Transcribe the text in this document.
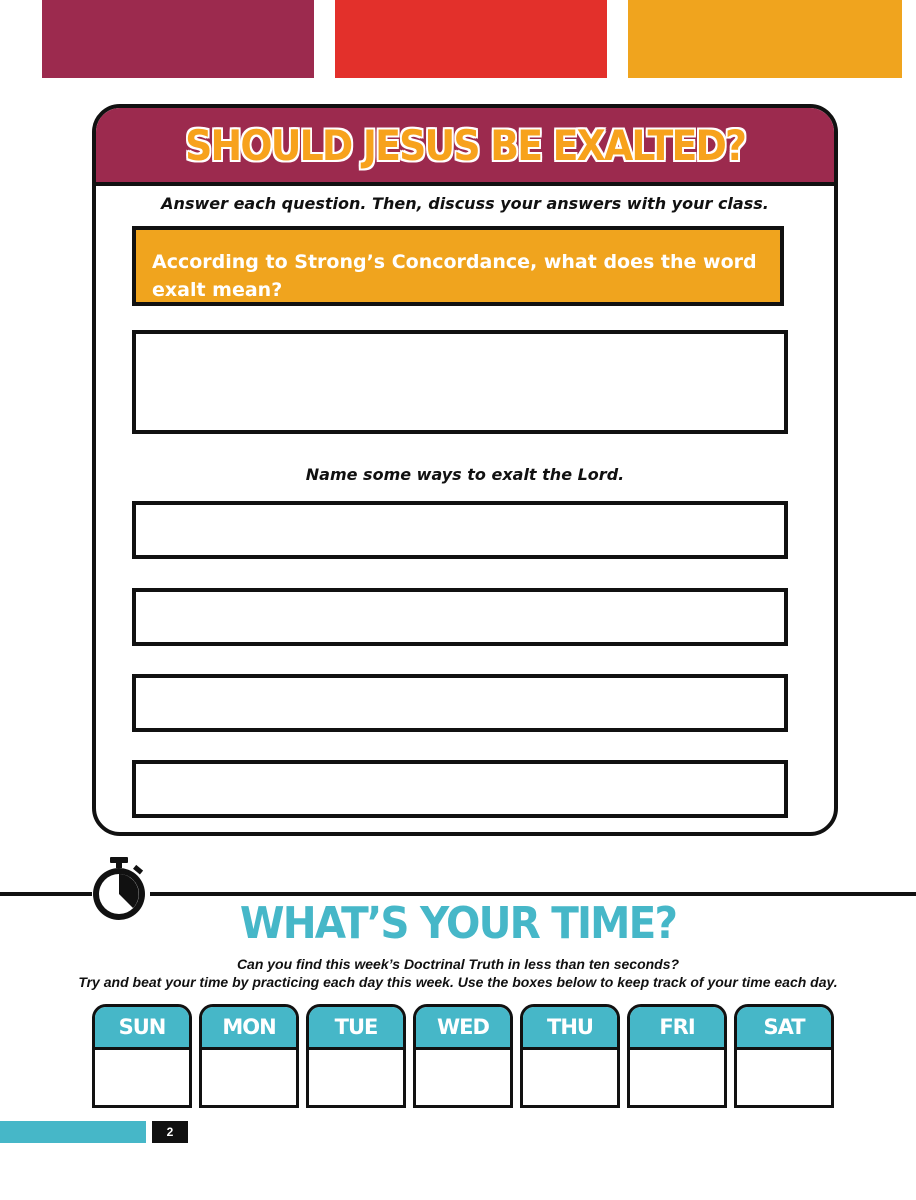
SHOULD JESUS BE EXALTED?
Answer each question. Then, discuss your answers with your class.
According to Strong’s Concordance, what does the word exalt mean?
Name some ways to exalt the Lord.
WHAT’S YOUR TIME?
Can you find this week’s Doctrinal Truth in less than ten seconds?
Try and beat your time by practicing each day this week. Use the boxes below to keep track of your time each day.
SUN	MON	TUE	WED	THU	FRI	SAT
2
